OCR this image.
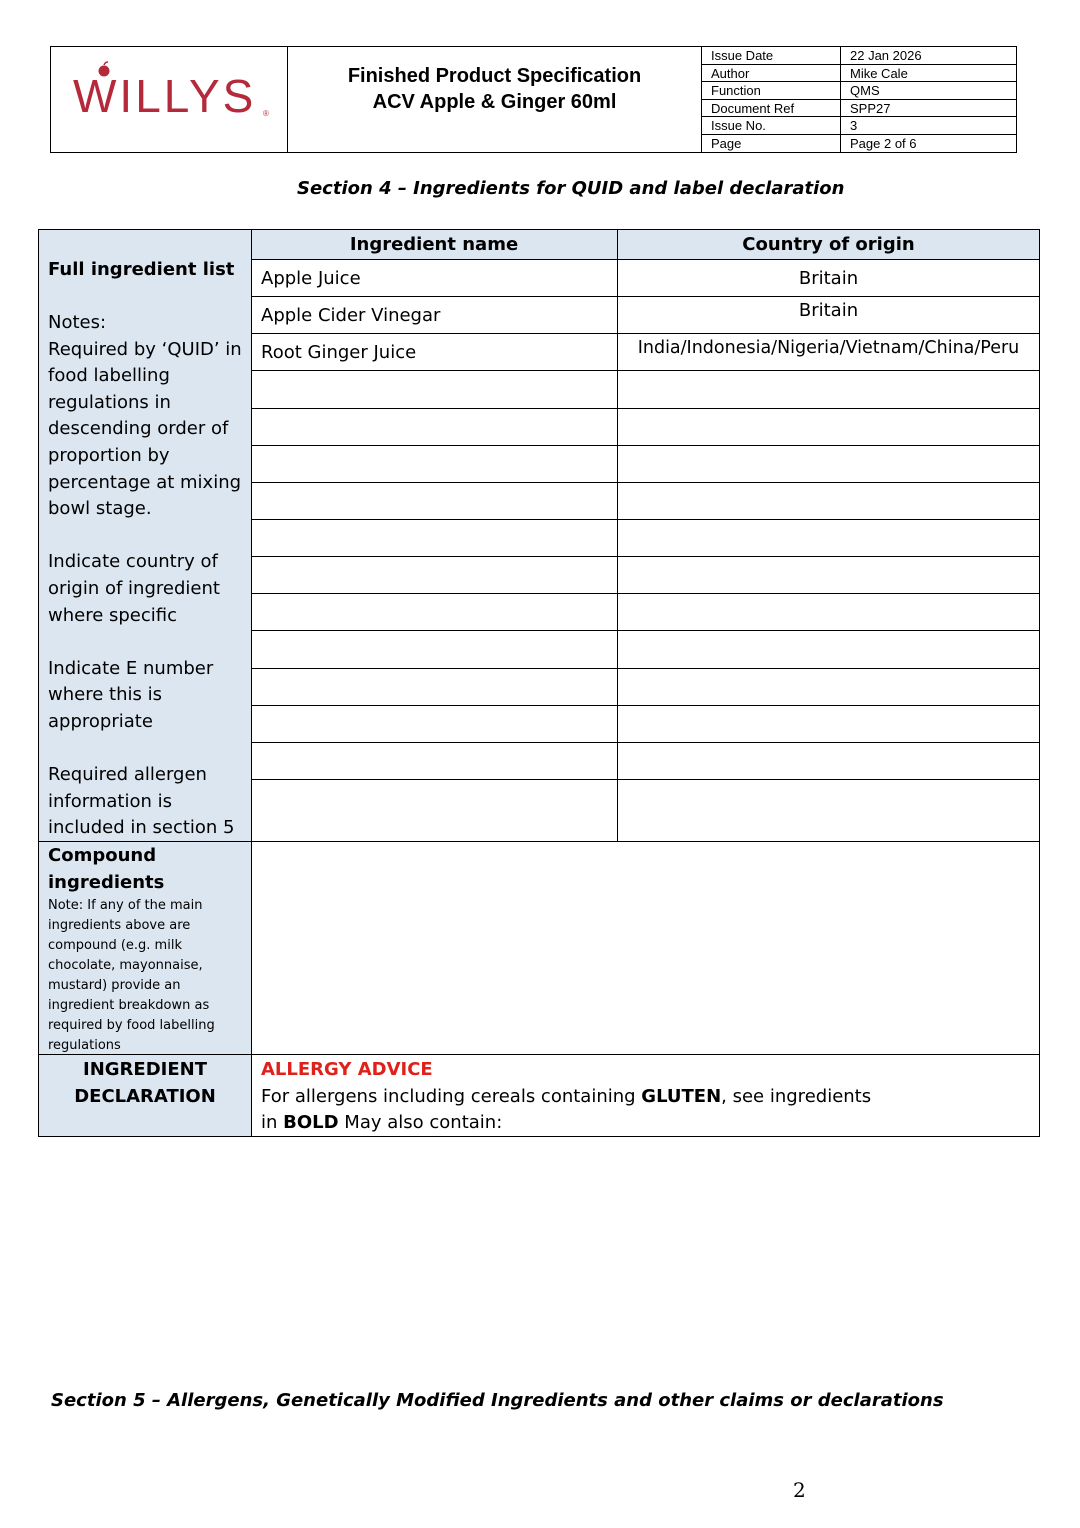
WILLYS ®
Finished Product Specification
ACV Apple & Ginger 60ml
Issue Date	22 Jan 2026
Author	Mike Cale
Function	QMS
Document Ref	SPP27
Issue No.	3
Page	Page 2 of 6
Section 4 – Ingredients for QUID and label declaration
Ingredient name	Country of origin
Apple Juice	Britain
Apple Cider Vinegar	Britain
Root Ginger Juice	India/Indonesia/Nigeria/Vietnam/China/Peru
Full ingredient list
Notes:
Required by ‘QUID’ in
food labelling
regulations in
descending order of
proportion by
percentage at mixing
bowl stage.
Indicate country of
origin of ingredient
where specific
Indicate E number
where this is
appropriate
Required allergen
information is
included in section 5
Compound
ingredients
Note: If any of the main
ingredients above are
compound (e.g. milk
chocolate, mayonnaise,
mustard) provide an
ingredient breakdown as
required by food labelling
regulations
INGREDIENT
DECLARATION
ALLERGY ADVICE
For allergens including cereals containing GLUTEN, see ingredients
in BOLD May also contain:
Section 5 – Allergens, Genetically Modified Ingredients and other claims or declarations
2
